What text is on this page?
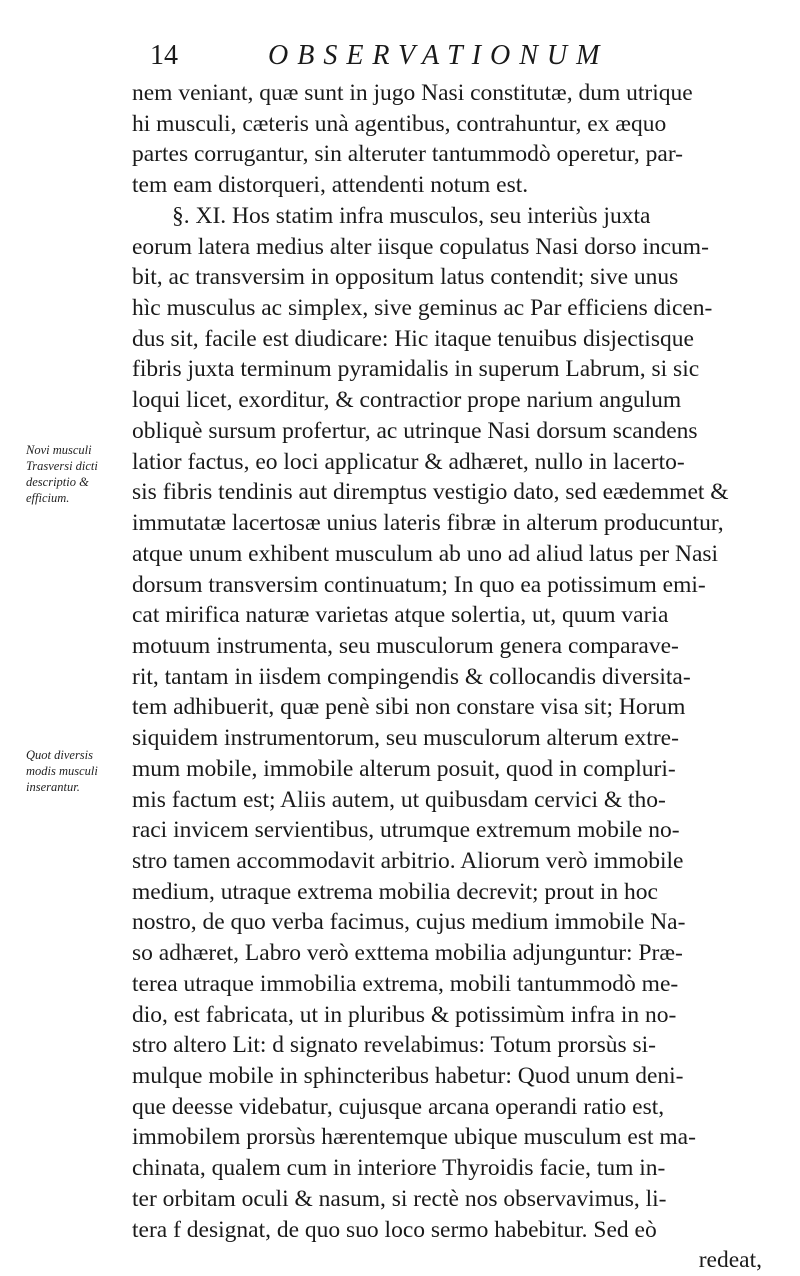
14	OBSERVATIONUM
Novi musculi
Trasversi dicti
descriptio &
efficium.
Quot diversis
modis musculi
inserantur.
nem veniant, quæ sunt in jugo Nasi constitutæ, dum utrique
hi musculi, cæteris unà agentibus, contrahuntur, ex æquo
partes corrugantur, sin alteruter tantummodò operetur, par-
tem eam distorqueri, attendenti notum est.
§. XI. Hos statim infra musculos, seu interiùs juxta
eorum latera medius alter iisque copulatus Nasi dorso incum-
bit, ac transversim in oppositum latus contendit; sive unus
hìc musculus ac simplex, sive geminus ac Par efficiens dicen-
dus sit, facile est diudicare: Hic itaque tenuibus disjectisque
fibris juxta terminum pyramidalis in superum Labrum, si sic
loqui licet, exorditur, & contractior prope narium angulum
obliquè sursum profertur, ac utrinque Nasi dorsum scandens
latior factus, eo loci applicatur & adhæret, nullo in lacerto-
sis fibris tendinis aut diremptus vestigio dato, sed eædemmet &
immutatæ lacertosæ unius lateris fibræ in alterum producuntur,
atque unum exhibent musculum ab uno ad aliud latus per Nasi
dorsum transversim continuatum; In quo ea potissimum emi-
cat mirifica naturæ varietas atque solertia, ut, quum varia
motuum instrumenta, seu musculorum genera comparave-
rit, tantam in iisdem compingendis & collocandis diversita-
tem adhibuerit, quæ penè sibi non constare visa sit; Horum
siquidem instrumentorum, seu musculorum alterum extre-
mum mobile, immobile alterum posuit, quod in compluri-
mis factum est; Aliis autem, ut quibusdam cervici & tho-
raci invicem servientibus, utrumque extremum mobile no-
stro tamen accommodavit arbitrio. Aliorum verò immobile
medium, utraque extrema mobilia decrevit; prout in hoc
nostro, de quo verba facimus, cujus medium immobile Na-
so adhæret, Labro verò exttema mobilia adjunguntur: Præ-
terea utraque immobilia extrema, mobili tantummodò me-
dio, est fabricata, ut in pluribus & potissimùm infra in no-
stro altero Lit: d signato revelabimus: Totum prorsùs si-
mulque mobile in sphincteribus habetur: Quod unum deni-
que deesse videbatur, cujusque arcana operandi ratio est,
immobilem prorsùs hærentemque ubique musculum est ma-
chinata, qualem cum in interiore Thyroidis facie, tum in-
ter orbitam oculi & nasum, si rectè nos observavimus, li-
tera f designat, de quo suo loco sermo habebitur. Sed eò
redeat,
